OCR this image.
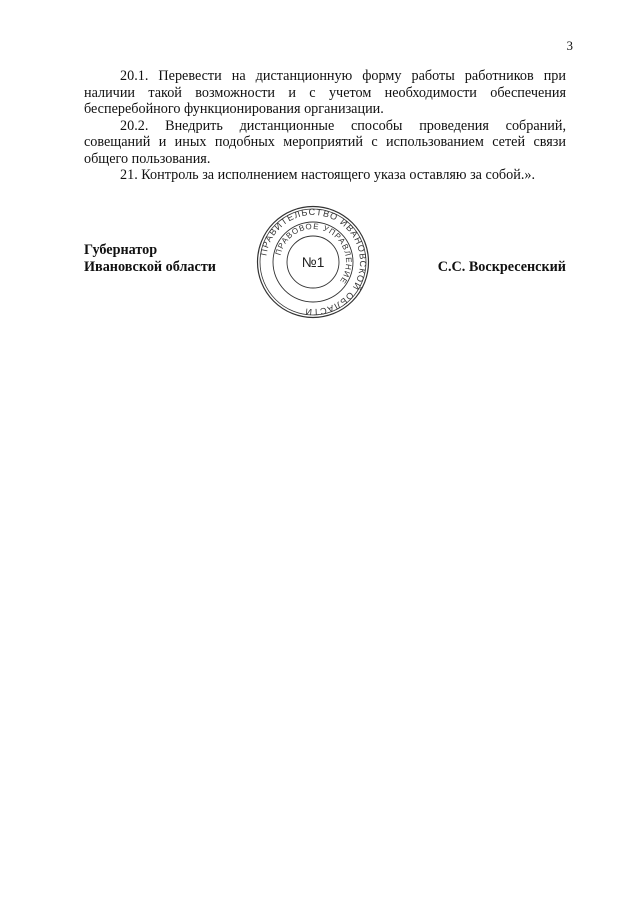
3

20.1. Перевести на дистанционную форму работы работников при наличии такой возможности и с учетом необходимости обеспечения бесперебойного функционирования организации.

20.2. Внедрить дистанционные способы проведения собраний, совещаний и иных подобных мероприятий с использованием сетей связи общего пользования.

21. Контроль за исполнением настоящего указа оставляю за собой.».

Губернатор
Ивановской области	С.С. Воскресенский
ПРАВИТЕЛЬСТВО ИВАНОВСКОЙ ОБЛАСТИ
ПРАВОВОЕ УПРАВЛЕНИЕ
№1
